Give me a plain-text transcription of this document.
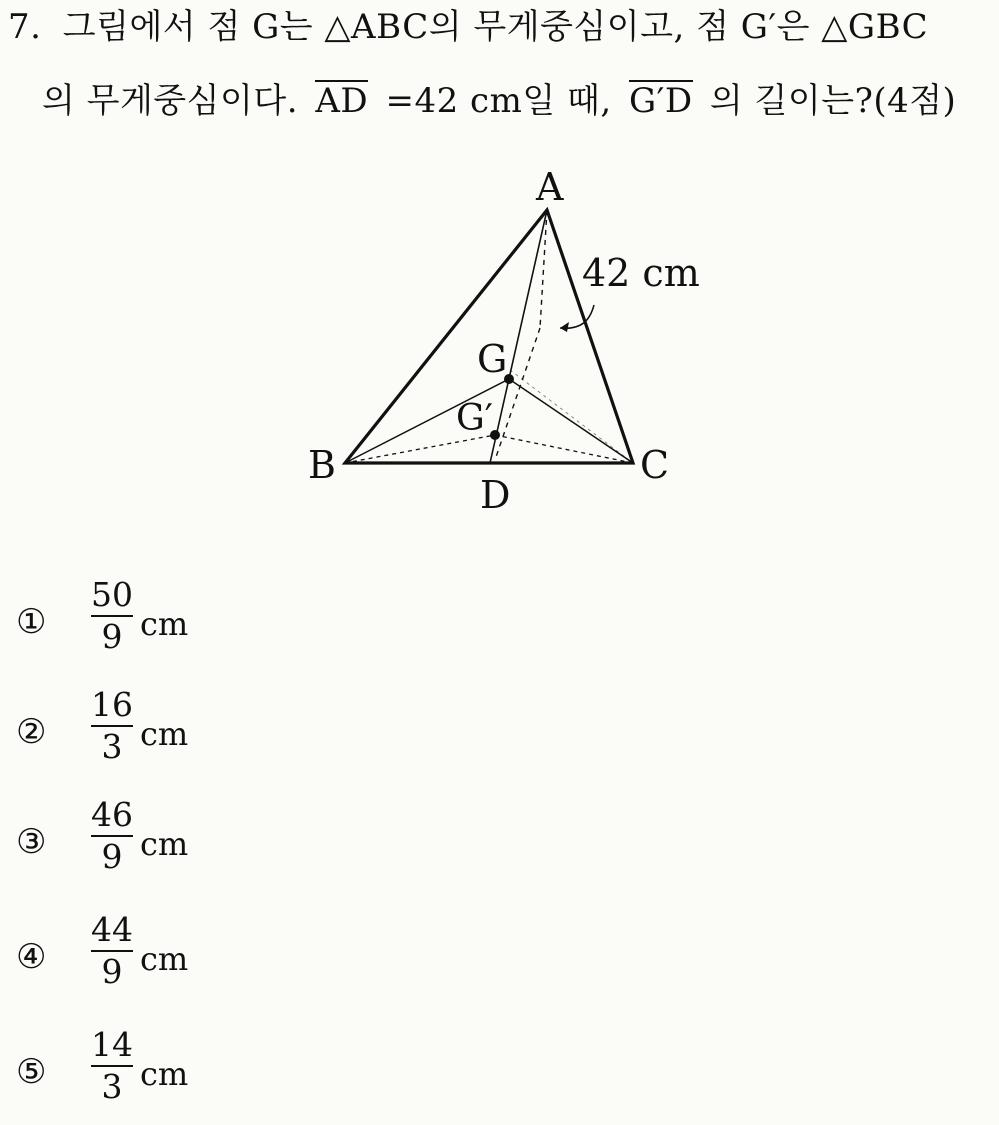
7. 그림에서 점 G는 △ABC의 무게중심이고, 점 G′은 △GBC
의 무게중심이다. AD =42 cm일 때, G′D 의 길이는?(4점)
A
B	C
D
G
G′
42 cm
①
50
9 cm
②
16
3 cm
③
46
9 cm
④
44
9 cm
⑤
14
3 cm
